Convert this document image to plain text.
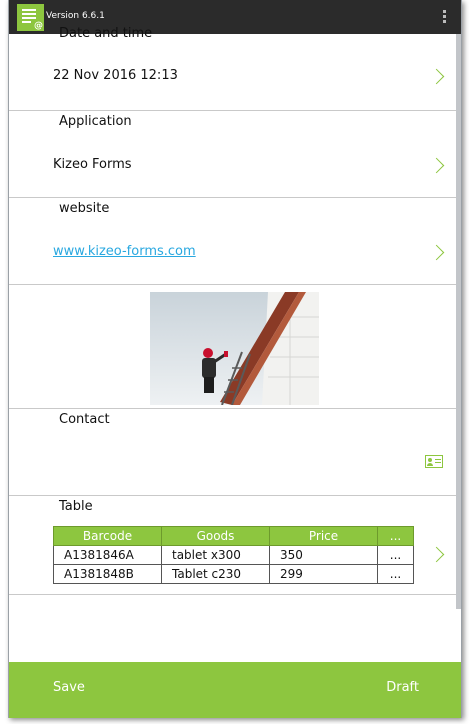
@
Version 6.6.1
Date and time
22 Nov 2016 12:13
Application
Kizeo Forms
website
www.kizeo-forms.com
Contact
Table
Barcode	Goods	Price	...
A1381846A	tablet x300	350	...
A1381848B	Tablet c230	299	...
Save	Draft
